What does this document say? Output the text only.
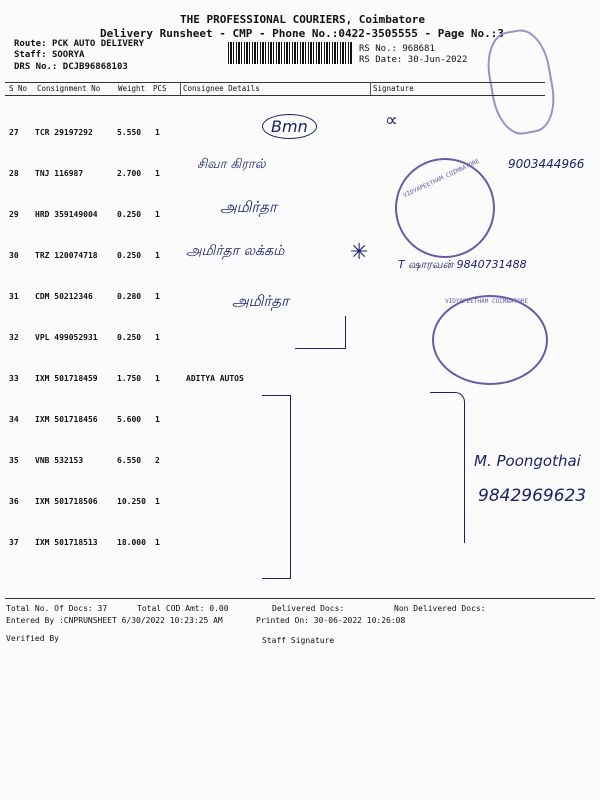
THE PROFESSIONAL COURIERS, Coimbatore
Delivery Runsheet - CMP - Phone No.:0422-3505555 - Page No.:3
Route: PCK AUTO DELIVERY
Staff: SOORYA
DRS No.: DCJB96868103
RS No.: 968681
RS Date: 30-Jun-2022
S No Consignment No Weight PCS Consignee Details	Signature
27 TCR 29197292	5.550 1
28 TNJ 116987	2.700 1
29 HRD 359149004 0.250 1
30 TRZ 120074718 0.250 1
31 CDM 50212346	0.280 1
32 VPL 499052931 0.250 1
33 IXM 501718459 1.750 1	ADITYA AUTOS
34 IXM 501718456 5.600 1
35 VNB 532153	6.550 2
36 IXM 501718506 10.250 1
37 IXM 501718513 18.000 1
Bmn	∝
சிவா கிரால்	9003444966
அமிர்தா
அமிர்தா லக்கம்	✳	T ஷாரவன் 9840731488
அமிர்தா
M. Poongothai
9842969623
VIDYAPEETHAM COIMBATORE
VIDYAPEETHAM COIMBATORE
Total No. Of Docs: 37	Total COD Amt: 0.00	Delivered Docs:	Non Delivered Docs:
Entered By :CNPRUNSHEET 6/30/2022 10:23:25 AM	Printed On: 30-06-2022 10:26:08
Verified By	Staff Signature
